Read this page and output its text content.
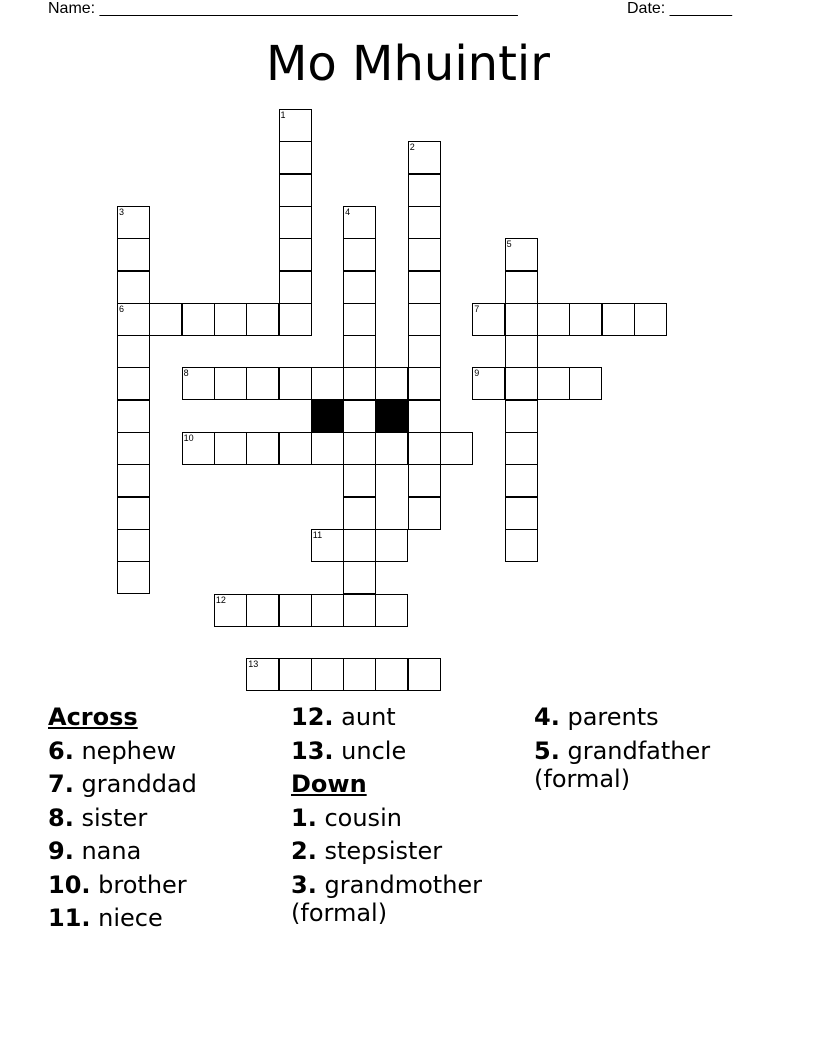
Name: _______________________________________________	Date: _______
Mo Mhuintir
1
2
3
6
4
5
7
8	9
10
11
12
13
Across
6. nephew
7. granddad
8. sister
9. nana
10. brother
11. niece
12. aunt
13. uncle
Down
1. cousin
2. stepsister
3. grandmother (formal)
4. parents
5. grandfather (formal)
